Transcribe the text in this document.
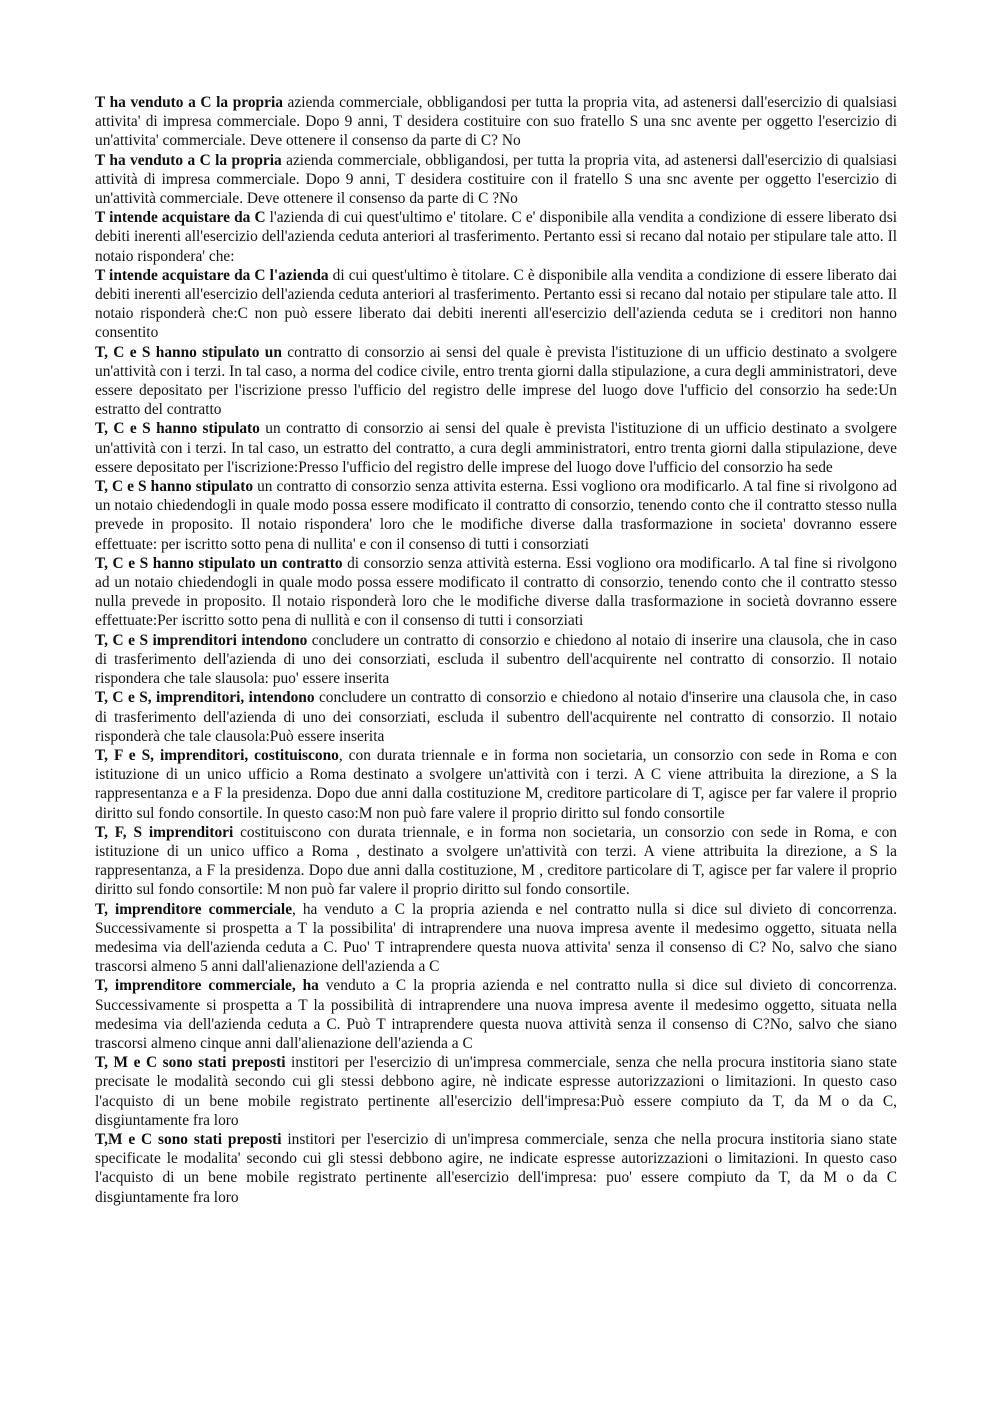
T ha venduto a C la propria azienda commerciale, obbligandosi per tutta la propria vita, ad astenersi dall'esercizio di qualsiasi attivita' di impresa commerciale. Dopo 9 anni, T desidera costituire con suo fratello S una snc avente per oggetto l'esercizio di un'attivita' commerciale. Deve ottenere il consenso da parte di C? No

T ha venduto a C la propria azienda commerciale, obbligandosi, per tutta la propria vita, ad astenersi dall'esercizio di qualsiasi attività di impresa commerciale. Dopo 9 anni, T desidera costituire con il fratello S una snc avente per oggetto l'esercizio di un'attività commerciale. Deve ottenere il consenso da parte di C ?No

T intende acquistare da C l'azienda di cui quest'ultimo e' titolare. C e' disponibile alla vendita a condizione di essere liberato dsi debiti inerenti all'esercizio dell'azienda ceduta anteriori al trasferimento. Pertanto essi si recano dal notaio per stipulare tale atto. Il notaio rispondera' che:

T intende acquistare da C l'azienda di cui quest'ultimo è titolare. C è disponibile alla vendita a condizione di essere liberato dai debiti inerenti all'esercizio dell'azienda ceduta anteriori al trasferimento. Pertanto essi si recano dal notaio per stipulare tale atto. Il notaio risponderà che:C non può essere liberato dai debiti inerenti all'esercizio dell'azienda ceduta se i creditori non hanno consentito

T, C e S hanno stipulato un contratto di consorzio ai sensi del quale è prevista l'istituzione di un ufficio destinato a svolgere un'attività con i terzi. In tal caso, a norma del codice civile, entro trenta giorni dalla stipulazione, a cura degli amministratori, deve essere depositato per l'iscrizione presso l'ufficio del registro delle imprese del luogo dove l'ufficio del consorzio ha sede:Un estratto del contratto

T, C e S hanno stipulato un contratto di consorzio ai sensi del quale è prevista l'istituzione di un ufficio destinato a svolgere un'attività con i terzi. In tal caso, un estratto del contratto, a cura degli amministratori, entro trenta giorni dalla stipulazione, deve essere depositato per l'iscrizione:Presso l'ufficio del registro delle imprese del luogo dove l'ufficio del consorzio ha sede

T, C e S hanno stipulato un contratto di consorzio senza attivita esterna. Essi vogliono ora modificarlo. A tal fine si rivolgono ad un notaio chiedendogli in quale modo possa essere modificato il contratto di consorzio, tenendo conto che il contratto stesso nulla prevede in proposito. Il notaio rispondera' loro che le modifiche diverse dalla trasformazione in societa' dovranno essere effettuate: per iscritto sotto pena di nullita' e con il consenso di tutti i consorziati

T, C e S hanno stipulato un contratto di consorzio senza attività esterna. Essi vogliono ora modificarlo. A tal fine si rivolgono ad un notaio chiedendogli in quale modo possa essere modificato il contratto di consorzio, tenendo conto che il contratto stesso nulla prevede in proposito. Il notaio risponderà loro che le modifiche diverse dalla trasformazione in società dovranno essere effettuate:Per iscritto sotto pena di nullità e con il consenso di tutti i consorziati

T, C e S imprenditori intendono concludere un contratto di consorzio e chiedono al notaio di inserire una clausola, che in caso di trasferimento dell'azienda di uno dei consorziati, escluda il subentro dell'acquirente nel contratto di consorzio. Il notaio rispondera che tale slausola: puo' essere inserita

T, C e S, imprenditori, intendono concludere un contratto di consorzio e chiedono al notaio d'inserire una clausola che, in caso di trasferimento dell'azienda di uno dei consorziati, escluda il subentro dell'acquirente nel contratto di consorzio. Il notaio risponderà che tale clausola:Può essere inserita

T, F e S, imprenditori, costituiscono, con durata triennale e in forma non societaria, un consorzio con sede in Roma e con istituzione di un unico ufficio a Roma destinato a svolgere un'attività con i terzi. A C viene attribuita la direzione, a S la rappresentanza e a F la presidenza. Dopo due anni dalla costituzione M, creditore particolare di T, agisce per far valere il proprio diritto sul fondo consortile. In questo caso:M non può fare valere il proprio diritto sul fondo consortile

T, F, S imprenditori costituiscono con durata triennale, e in forma non societaria, un consorzio con sede in Roma, e con istituzione di un unico uffico a Roma , destinato a svolgere un'attività con terzi. A viene attribuita la direzione, a S la rappresentanza, a F la presidenza. Dopo due anni dalla costituzione, M , creditore particolare di T, agisce per far valere il proprio diritto sul fondo consortile: M non può far valere il proprio diritto sul fondo consortile.

T, imprenditore commerciale, ha venduto a C la propria azienda e nel contratto nulla si dice sul divieto di concorrenza. Successivamente si prospetta a T la possibilita' di intraprendere una nuova impresa avente il medesimo oggetto, situata nella medesima via dell'azienda ceduta a C. Puo' T intraprendere questa nuova attivita' senza il consenso di C? No, salvo che siano trascorsi almeno 5 anni dall'alienazione dell'azienda a C

T, imprenditore commerciale, ha venduto a C la propria azienda e nel contratto nulla si dice sul divieto di concorrenza. Successivamente si prospetta a T la possibilità di intraprendere una nuova impresa avente il medesimo oggetto, situata nella medesima via dell'azienda ceduta a C. Può T intraprendere questa nuova attività senza il consenso di C?No, salvo che siano trascorsi almeno cinque anni dall'alienazione dell'azienda a C

T, M e C sono stati preposti institori per l'esercizio di un'impresa commerciale, senza che nella procura institoria siano state precisate le modalità secondo cui gli stessi debbono agire, nè indicate espresse autorizzazioni o limitazioni. In questo caso l'acquisto di un bene mobile registrato pertinente all'esercizio dell'impresa:Può essere compiuto da T, da M o da C, disgiuntamente fra loro

T,M e C sono stati preposti institori per l'esercizio di un'impresa commerciale, senza che nella procura institoria siano state specificate le modalita' secondo cui gli stessi debbono agire, ne indicate espresse autorizzazioni o limitazioni. In questo caso l'acquisto di un bene mobile registrato pertinente all'esercizio dell'impresa: puo' essere compiuto da T, da M o da C disgiuntamente fra loro
